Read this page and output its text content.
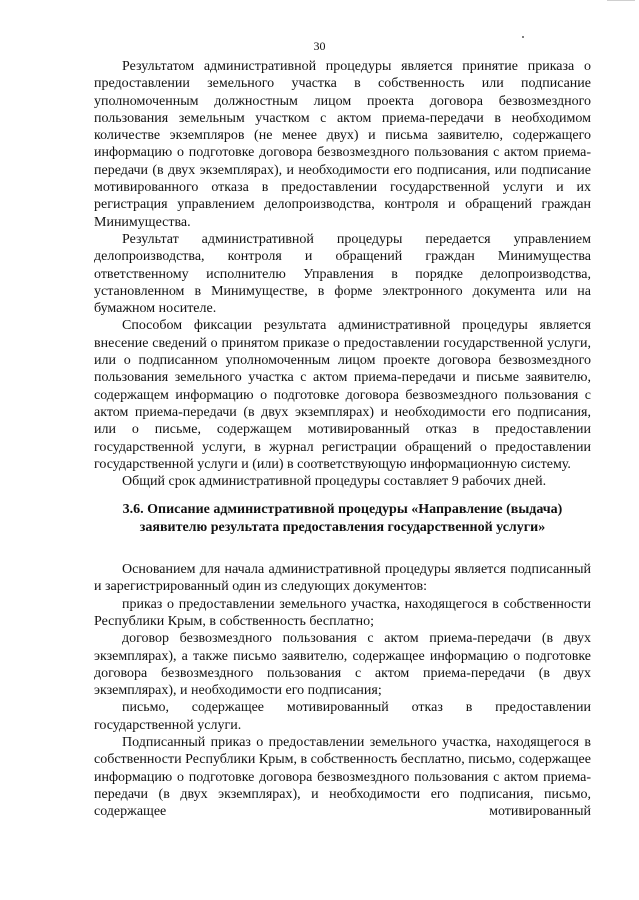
30

Результатом административной процедуры является принятие приказа о предоставлении земельного участка в собственность или подписание уполномоченным должностным лицом проекта договора безвозмездного пользования земельным участком с актом приема-передачи в необходимом количестве экземпляров (не менее двух) и письма заявителю, содержащего информацию о подготовке договора безвозмездного пользования с актом приема-передачи (в двух экземплярах), и необходимости его подписания, или подписание мотивированного отказа в предоставлении государственной услуги и их регистрация управлением делопроизводства, контроля и обращений граждан Минимущества.

Результат административной процедуры передается управлением делопроизводства, контроля и обращений граждан Минимущества ответственному исполнителю Управления в порядке делопроизводства, установленном в Минимуществе, в форме электронного документа или на бумажном носителе.

Способом фиксации результата административной процедуры является внесение сведений о принятом приказе о предоставлении государственной услуги, или о подписанном уполномоченным лицом проекте договора безвозмездного пользования земельного участка с актом приема-передачи и письме заявителю, содержащем информацию о подготовке договора безвозмездного пользования с актом приема-передачи (в двух экземплярах) и необходимости его подписания, или о письме, содержащем мотивированный отказ в предоставлении государственной услуги, в журнал регистрации обращений о предоставлении государственной услуги и (или) в соответствующую информационную систему.

Общий срок административной процедуры составляет 9 рабочих дней.

3.6. Описание административной процедуры «Направление (выдача) заявителю результата предоставления государственной услуги»

Основанием для начала административной процедуры является подписанный и зарегистрированный один из следующих документов:

приказ о предоставлении земельного участка, находящегося в собственности Республики Крым, в собственность бесплатно;

договор безвозмездного пользования с актом приема-передачи (в двух экземплярах), а также письмо заявителю, содержащее информацию о подготовке договора безвозмездного пользования с актом приема-передачи (в двух экземплярах), и необходимости его подписания;

письмо, содержащее мотивированный отказ в предоставлении государственной услуги.

Подписанный приказ о предоставлении земельного участка, находящегося в собственности Республики Крым, в собственность бесплатно, письмо, содержащее информацию о подготовке договора безвозмездного пользования с актом приема-передачи (в двух экземплярах), и необходимости его подписания, письмо, содержащее мотивированный
